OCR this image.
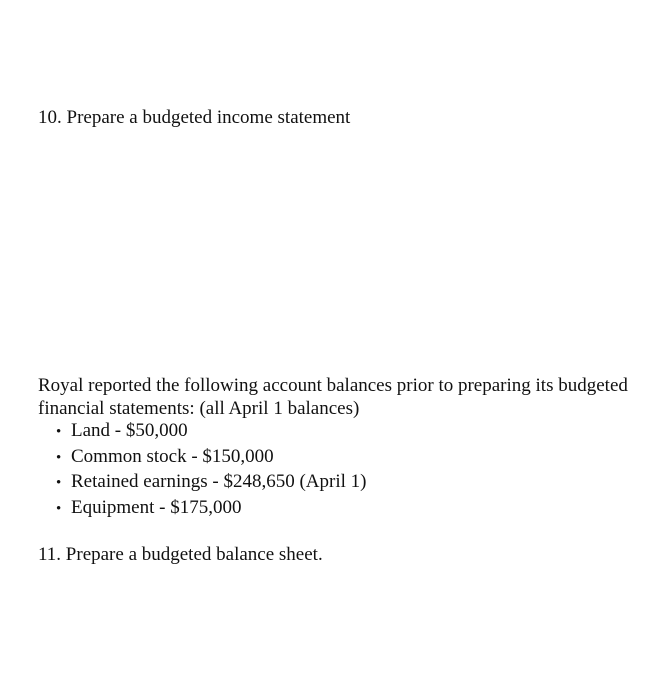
10. Prepare a budgeted income statement

Royal reported the following account balances prior to preparing its budgeted financial statements: (all April 1 balances)

• Land - $50,000
• Common stock - $150,000
• Retained earnings - $248,650 (April 1)
• Equipment - $175,000

11. Prepare a budgeted balance sheet.
